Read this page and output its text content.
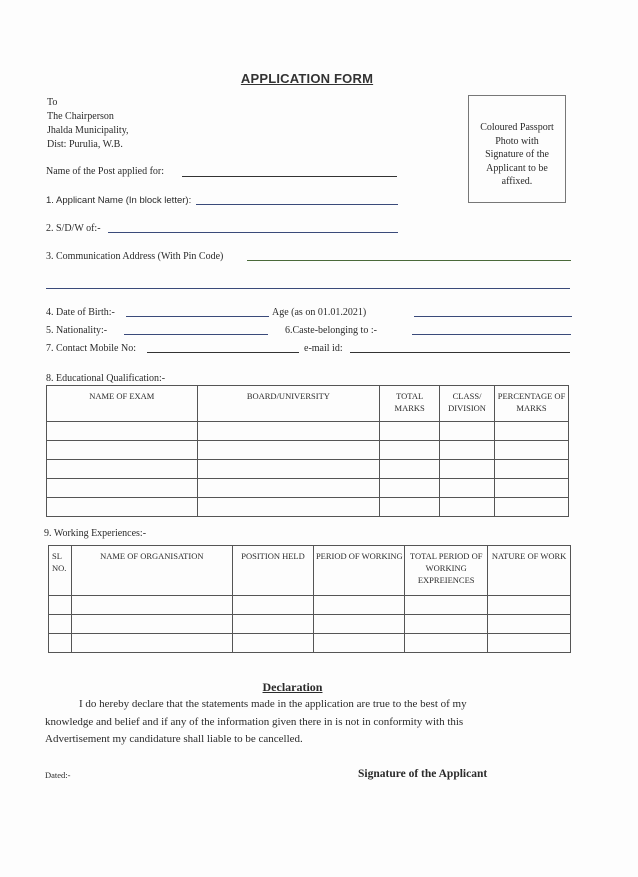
APPLICATION FORM
To
The Chairperson
Jhalda Municipality,
Dist: Purulia, W.B.
Coloured Passport
Photo with
Signature of the
Applicant to be
affixed.
Name of the Post applied for:
1. Applicant Name (In block letter):
2. S/D/W of:-
3. Communication Address (With Pin Code)
4. Date of Birth:-	Age (as on 01.01.2021)
5. Nationality:-	6.Caste-belonging to :-
7. Contact Mobile No:	e-mail id:
8. Educational Qualification:-
NAME OF EXAM	BOARD/UNIVERSITY	TOTAL MARKS	CLASS/ DIVISION	PERCENTAGE OF MARKS

9. Working Experiences:-
SL NO.	NAME OF ORGANISATION	POSITION HELD	PERIOD OF WORKING	TOTAL PERIOD OF WORKING EXPREIENCES	NATURE OF WORK

Declaration
I do hereby declare that the statements made in the application are true to the best of my
knowledge and belief and if any of the information given there in is not in conformity with this
Advertisement my candidature shall liable to be cancelled.
Dated:-	Signature of the Applicant
